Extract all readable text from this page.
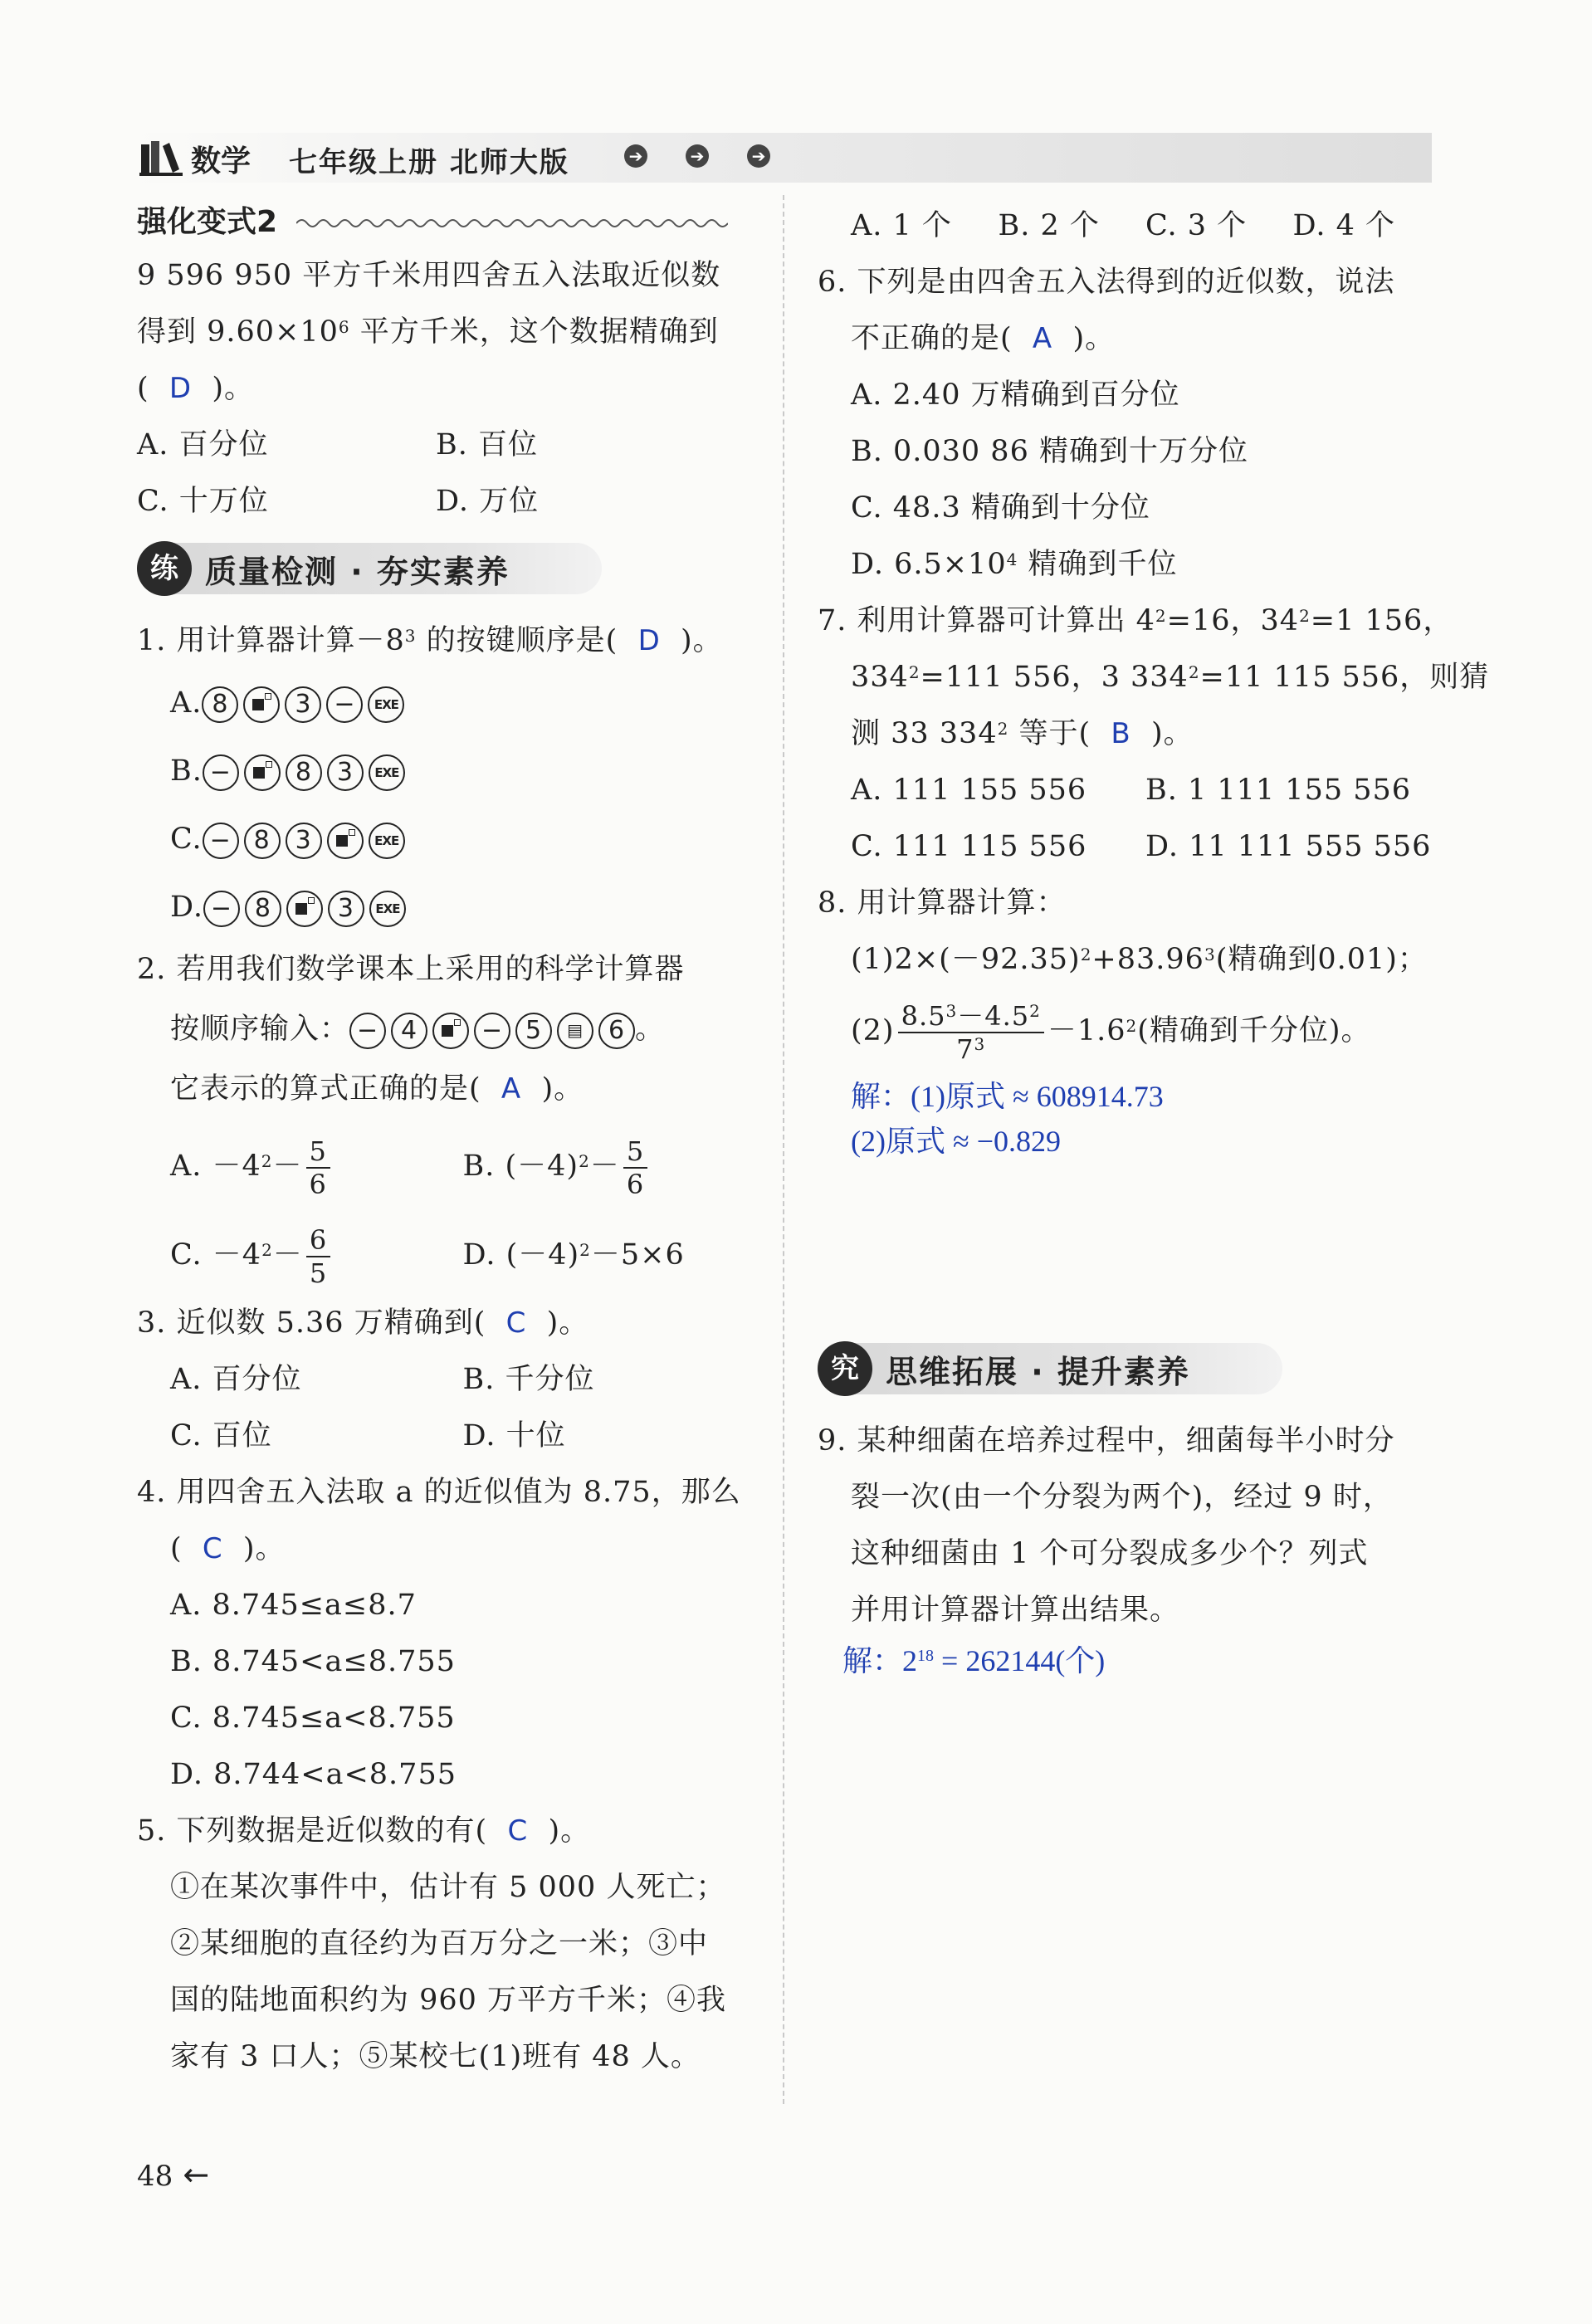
数学 七年级上册 北师大版	➔	➔	➔
强化变式2
9 596 950 平方千米用四舍五入法取近似数
得到 $9.60\times 10^6$ 平方千米，这个数据精确到
(  D  )。
A. 百分位	B. 百位
C. 十万位	D. 万位
练 质量检测 · 夯实素养
1. 用计算器计算$-8^3$ 的按键顺序是( D )。
A. 8	3 −	EXE
B. −	8 3	EXE
C. − 8 3	EXE
D. − 8	3	EXE
2. 若用我们数学课本上采用的科学计算器
按顺序输入： − 4	− 5	▤	6 。
它表示的算式正确的是( A )。
A. $-4^2- \frac{5}{6}$	B. $(-4)^2- \frac{5}{6}$
C. $-4^2- \frac{6}{5}$	D. $(-4)^2-5\times 6$
3. 近似数 5.36 万精确到( C )。
A. 百分位	B. 千分位
C. 百位	D. 十位
4. 用四舍五入法取 a 的近似值为 8.75，那么
(  C  )。
A. 8.745≤a≤8.7
B. 8.745<a≤8.755
C. 8.745≤a<8.755
D. 8.744<a<8.755
5. 下列数据是近似数的有( C )。
①在某次事件中，估计有 5 000 人死亡；
②某细胞的直径约为百万分之一米；③中
国的陆地面积约为 960 万平方千米；④我
家有 3 口人；⑤某校七(1)班有 48 人。
A. 1 个	B. 2 个	C. 3 个	D. 4 个
6. 下列是由四舍五入法得到的近似数，说法
不正确的是( A )。
A. 2.40 万精确到百分位
B. 0.030 86 精确到十万分位
C. 48.3 精确到十分位
D. $6.5\times 10^4$ 精确到千位
7. 利用计算器可计算出 $4^2=16$，$34^2=1$ 156，
$334^2=111$ 556，3 $334^2=11$ 115 556，则猜
测 33 $334^2$ 等于( B )。
A. 111 155 556	B. 1 111 155 556
C. 111 115 556	D. 11 111 555 556
8. 用计算器计算：
$(1)2\times(-92.35)^2+83.96^3$(精确到0.01)；
$(2) \frac{8.5^3-4.5^2}{7^3} -1.6^2$(精确到千分位)。
解：(1)原式 ≈ 608914.73
(2)原式 ≈ −0.829
究 思维拓展 · 提升素养
9. 某种细菌在培养过程中，细菌每半小时分
裂一次(由一个分裂为两个)，经过 9 时，
这种细菌由 1 个可分裂成多少个？列式
并用计算器计算出结果。
解：$2^{18} = 262144$(个)
48 ←
